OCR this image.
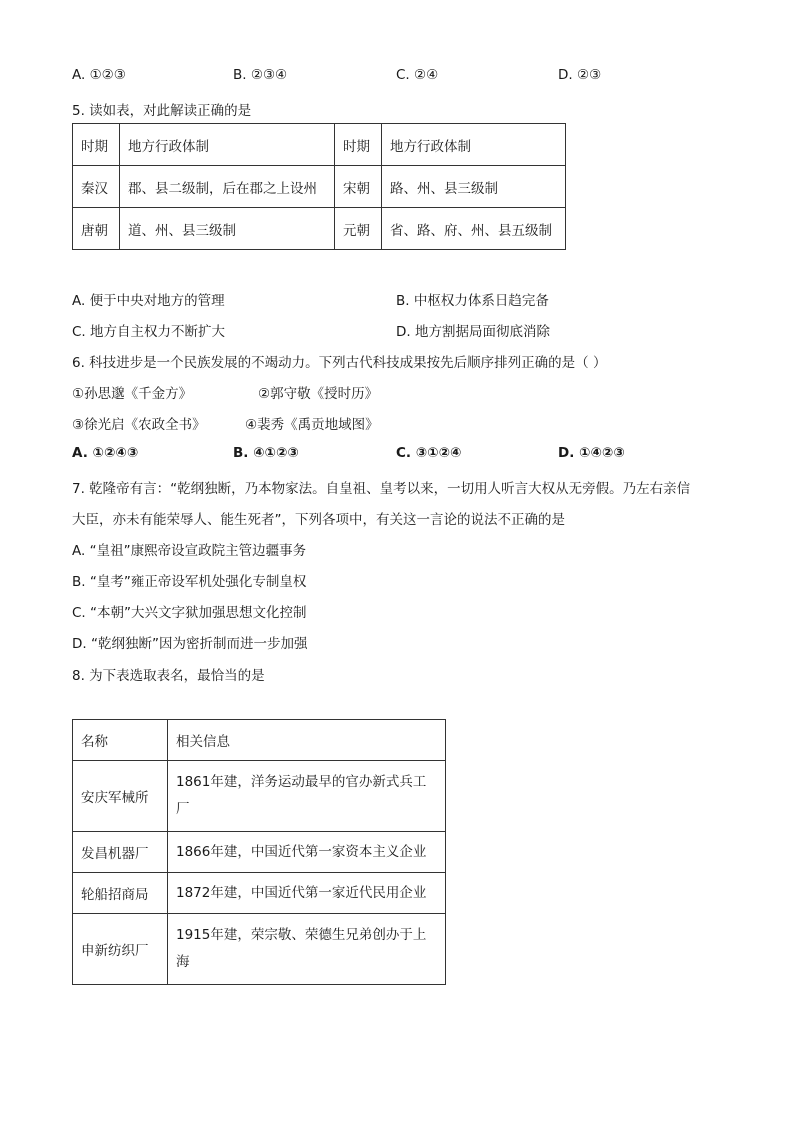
A. ①②③	B. ②③④	C. ②④	D. ②③
5. 读如表，对此解读正确的是
时期	地方行政体制	时期	地方行政体制
秦汉	郡、县二级制，后在郡之上设州	宋朝	路、州、县三级制
唐朝	道、州、县三级制	元朝	省、路、府、州、县五级制
A. 便于中央对地方的管理	B. 中枢权力体系日趋完备
C. 地方自主权力不断扩大	D. 地方割据局面彻底消除
6. 科技进步是一个民族发展的不竭动力。下列古代科技成果按先后顺序排列正确的是（ ）
①孙思邈《千金方》	②郭守敬《授时历》
③徐光启《农政全书》	④裴秀《禹贡地域图》
A. ①②④③	B. ④①②③	C. ③①②④	D. ①④②③
7. 乾隆帝有言：“乾纲独断，乃本物家法。自皇祖、皇考以来，一切用人听言大权从无旁假。乃左右亲信
大臣，亦未有能荣辱人、能生死者”，下列各项中，有关这一言论的说法不正确的是
A. “皇祖”康熙帝设宣政院主管边疆事务
B. “皇考”雍正帝设军机处强化专制皇权
C. “本朝”大兴文字狱加强思想文化控制
D. “乾纲独断”因为密折制而进一步加强
8. 为下表选取表名，最恰当的是
名称	相关信息
安庆军械所	1861年建，洋务运动最早的官办新式兵工厂
发昌机器厂	1866年建，中国近代第一家资本主义企业
轮船招商局	1872年建，中国近代第一家近代民用企业
申新纺织厂	1915年建，荣宗敬、荣德生兄弟创办于上海
